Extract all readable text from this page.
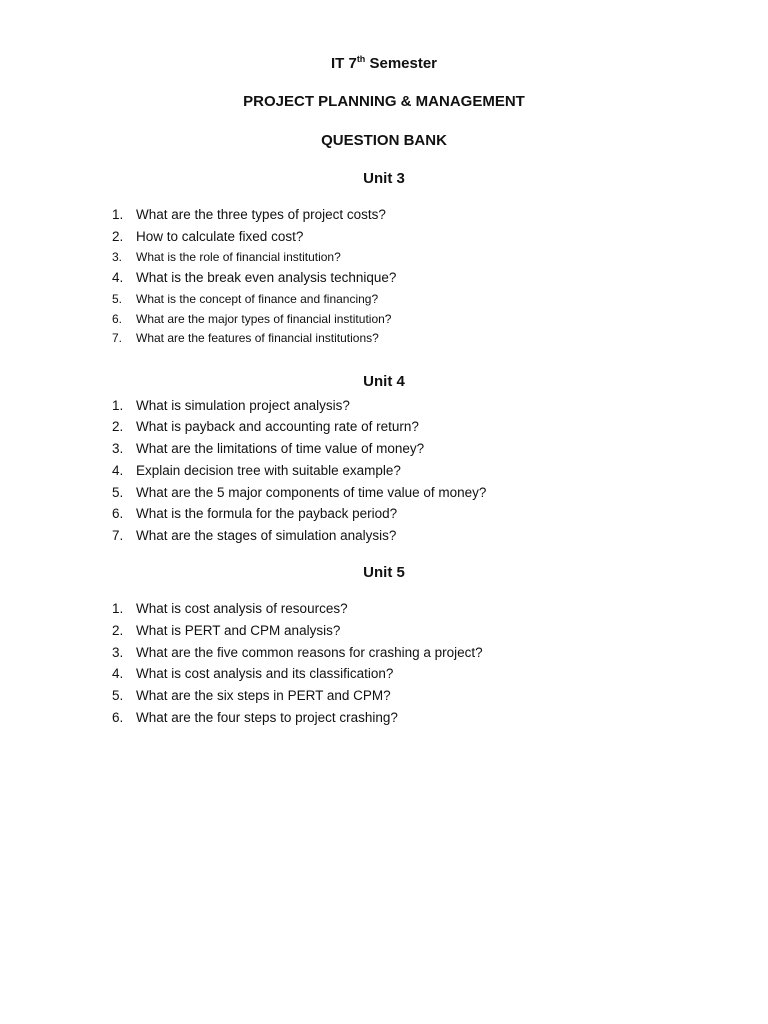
IT 7th Semester
PROJECT PLANNING & MANAGEMENT
QUESTION BANK
Unit 3
1. What are the three types of project costs?
2. How to calculate fixed cost?
3.	What is the role of financial institution?
4. What is the break even analysis technique?
5.	What is the concept of finance and financing?
6.	What are the major types of financial institution?
7.	What are the features of financial institutions?
Unit 4
1. What is simulation project analysis?
2. What is payback and accounting rate of return?
3. What are the limitations of time value of money?
4. Explain decision tree with suitable example?
5. What are the 5 major components of time value of money?
6. What is the formula for the payback period?
7. What are the stages of simulation analysis?
Unit 5
1. What is cost analysis of resources?
2. What is PERT and CPM analysis?
3. What are the five common reasons for crashing a project?
4. What is cost analysis and its classification?
5. What are the six steps in PERT and CPM?
6. What are the four steps to project crashing?
